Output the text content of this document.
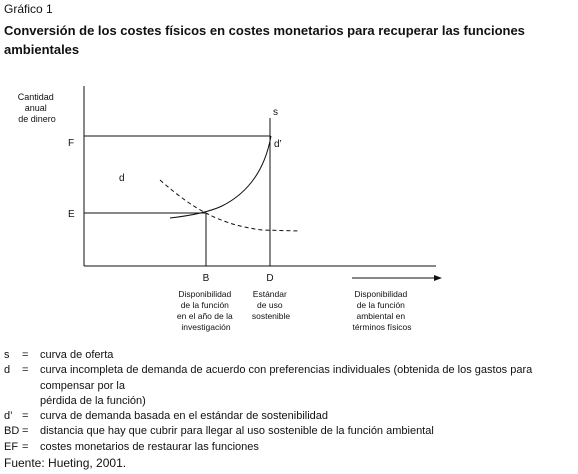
Gráfico 1
Conversión de los costes físicos en costes monetarios para recuperar las funciones ambientales
Cantidad anual de dinero
F
E
s
d’
d
B	D
Disponibilidad de la función en el año de la investigación
Estándar de uso sostenible
Disponibilidad de la función ambiental en términos físicos
s	=	curva de oferta
d	=	curva incompleta de demanda de acuerdo con preferencias individuales (obtenida de los gastos para compensar por la
pérdida de la función)
d’ =	curva de demanda basada en el estándar de sostenibilidad
BD =	distancia que hay que cubrir para llegar al uso sostenible de la función ambiental
EF =	costes monetarios de restaurar las funciones
Fuente: Hueting, 2001.
